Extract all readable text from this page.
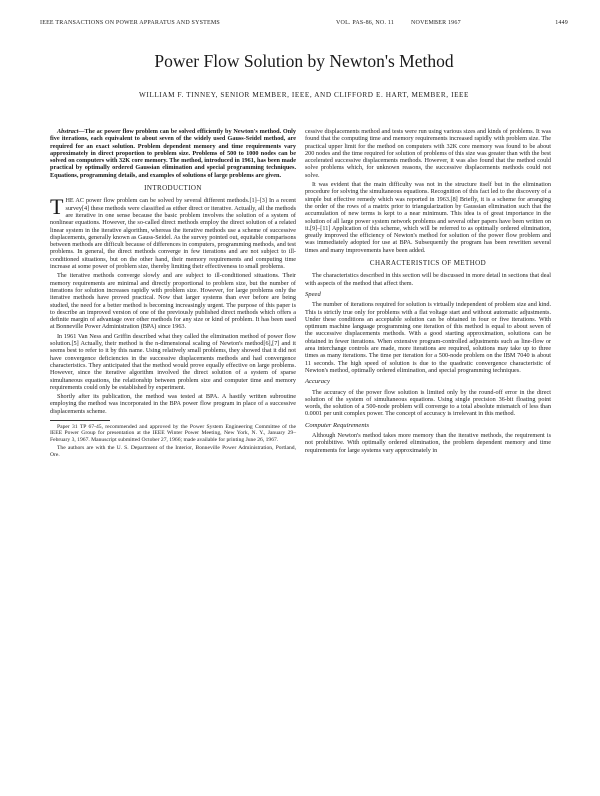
IEEE TRANSACTIONS ON POWER APPARATUS AND SYSTEMS	VOL. PAS-86, NO. 11	NOVEMBER 1967	1449
Power Flow Solution by Newton's Method
WILLIAM F. TINNEY, SENIOR MEMBER, IEEE, AND CLIFFORD E. HART, MEMBER, IEEE

Abstract—The ac power flow problem can be solved efficiently by Newton's method. Only five iterations, each equivalent to about seven of the widely used Gauss-Seidel method, are required for an exact solution. Problem dependent memory and time requirements vary approximately in direct proportion to problem size. Problems of 500 to 1000 nodes can be solved on computers with 32K core memory. The method, introduced in 1961, has been made practical by optimally ordered Gaussian elimination and special programming techniques. Equations, programming details, and examples of solutions of large problems are given.

INTRODUCTION

THE AC power flow problem can be solved by several different methods.[1]–[3] In a recent survey[4] these methods were classified as either direct or iterative. Actually, all the methods are iterative in one sense because the basic problem involves the solution of a system of nonlinear equations. However, the so-called direct methods employ the direct solution of a related linear system in the iterative algorithm, whereas the iterative methods use a scheme of successive displacements, generally known as Gauss-Seidel. As the survey pointed out, equitable comparisons between methods are difficult because of differences in computers, programming methods, and test problems. In general, the direct methods converge in few iterations and are not subject to ill-conditioned situations, but on the other hand, their memory requirements and computing time increase at some power of problem size, thereby limiting their effectiveness to small problems.

The iterative methods converge slowly and are subject to ill-conditioned situations. Their memory requirements are minimal and directly proportional to problem size, but the number of iterations for solution increases rapidly with problem size. However, for large problems only the iterative methods have proved practical. Now that larger systems than ever before are being studied, the need for a better method is becoming increasingly urgent. The purpose of this paper is to describe an improved version of one of the previously published direct methods which offers a definite margin of advantage over other methods for any size or kind of problem. It has been used at Bonneville Power Administration (BPA) since 1963.

In 1961 Van Ness and Griffin described what they called the elimination method of power flow solution.[5] Actually, their method is the n-dimensional scaling of Newton's method[6],[7] and it seems best to refer to it by this name. Using relatively small problems, they showed that it did not have convergence deficiencies in the successive displacements methods and had convergence characteristics. They anticipated that the method would prove equally effective on large problems. However, since the iterative algorithm involved the direct solution of a system of sparse simultaneous equations, the relationship between problem size and computer time and memory requirements could only be established by experiment.

Shortly after its publication, the method was tested at BPA. A hastily written subroutine employing the method was incorporated in the BPA power flow program in place of a successive displacements scheme.

Paper 31 TP 67-45, recommended and approved by the Power System Engineering Committee of the IEEE Power Group for presentation at the IEEE Winter Power Meeting, New York, N. Y., January 29–February 3, 1967. Manuscript submitted October 27, 1966; made available for printing June 26, 1967.

The authors are with the U. S. Department of the Interior, Bonneville Power Administration, Portland, Ore.

cessive displacements method and tests were run using various sizes and kinds of problems. It was found that the computing time and memory requirements increased rapidly with problem size. The practical upper limit for the method on computers with 32K core memory was found to be about 200 nodes and the time required for solution of problems of this size was greater than with the best accelerated successive displacements methods. However, it was also found that the method could solve problems which, for unknown reasons, the successive displacements methods could not solve.

It was evident that the main difficulty was not in the structure itself but in the elimination procedure for solving the simultaneous equations. Recognition of this fact led to the discovery of a simple but effective remedy which was reported in 1963.[8] Briefly, it is a scheme for arranging the order of the rows of a matrix prior to triangularization by Gaussian elimination such that the accumulation of new terms is kept to a near minimum. This idea is of great importance in the solution of all large power system network problems and several other papers have been written on it.[9]–[11] Application of this scheme, which will be referred to as optimally ordered elimination, greatly improved the efficiency of Newton's method for solution of the power flow problem and was immediately adopted for use at BPA. Subsequently the program has been rewritten several times and many improvements have been added.

CHARACTERISTICS OF METHOD

The characteristics described in this section will be discussed in more detail in sections that deal with aspects of the method that affect them.

Speed

The number of iterations required for solution is virtually independent of problem size and kind. This is strictly true only for problems with a flat voltage start and without automatic adjustments. Under these conditions an acceptable solution can be obtained in four or five iterations. With optimum machine language programming one iteration of this method is equal to about seven of the successive displacements methods. With a good starting approximation, solutions can be obtained in fewer iterations. When extensive program-controlled adjustments such as line-flow or area interchange controls are made, more iterations are required, solutions may take up to three times as many iterations. The time per iteration for a 500-node problem on the IBM 7040 is about 11 seconds. The high speed of solution is due to the quadratic convergence characteristic of Newton's method, optimally ordered elimination, and special programming techniques.

Accuracy

The accuracy of the power flow solution is limited only by the round-off error in the direct solution of the system of simultaneous equations. Using single precision 36-bit floating point words, the solution of a 500-node problem will converge to a total absolute mismatch of less than 0.0001 per unit complex power. The concept of accuracy is irrelevant in this method.

Computer Requirements

Although Newton's method takes more memory than the iterative methods, the requirement is not prohibitive. With optimally ordered elimination, the problem dependent memory and time requirements for large systems vary approximately in
